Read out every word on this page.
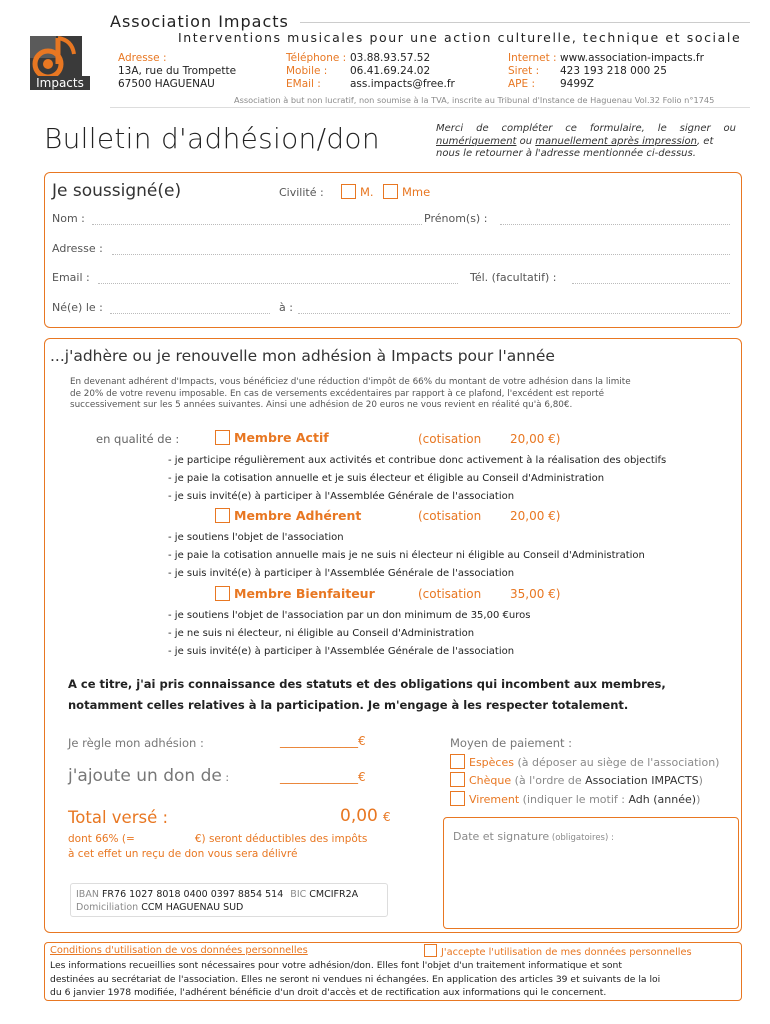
Impacts
Association Impacts
Interventions musicales pour une action culturelle, technique et sociale
Adresse :
13A, rue du Trompette
67500 HAGUENAU
Téléphone : 03.88.93.57.52
Mobile : 06.41.69.24.02
EMail :	ass.impacts@free.fr
Internet : www.association-impacts.fr
Siret : 423 193 218 000 25
APE : 9499Z
Association à but non lucratif, non soumise à la TVA, inscrite au Tribunal d'Instance de Haguenau Vol.32 Folio n°1745
Bulletin d'adhésion/don	Merci de compléter ce formulaire, le signer ou
numériquement ou manuellement après impression, et
nous le retourner à l'adresse mentionnée ci-dessus.
Je soussigné(e)	Civilité :	M.	Mme
Nom :	Prénom(s) :
Adresse :
Email :	Tél. (facultatif) :
Né(e) le :	à :
...j'adhère ou je renouvelle mon adhésion à Impacts pour l'année
En devenant adhérent d'Impacts, vous bénéficiez d'une réduction d'impôt de 66% du montant de votre adhésion dans la limite
de 20% de votre revenu imposable. En cas de versements excédentaires par rapport à ce plafond, l'excédent est reporté
successivement sur les 5 années suivantes. Ainsi une adhésion de 20 euros ne vous revient en réalité qu'à 6,80€.
en qualité de :	Membre Actif	(cotisation 20,00 €)
- je participe régulièrement aux activités et contribue donc activement à la réalisation des objectifs
- je paie la cotisation annuelle et je suis électeur et éligible au Conseil d'Administration
- je suis invité(e) à participer à l'Assemblée Générale de l'association
Membre Adhérent	(cotisation 20,00 €)
- je soutiens l'objet de l'association
- je paie la cotisation annuelle mais je ne suis ni électeur ni éligible au Conseil d'Administration
- je suis invité(e) à participer à l'Assemblée Générale de l'association
Membre Bienfaiteur	(cotisation 35,00 €)
- je soutiens l'objet de l'association par un don minimum de 35,00 €uros
- je ne suis ni électeur, ni éligible au Conseil d'Administration
- je suis invité(e) à participer à l'Assemblée Générale de l'association
A ce titre, j'ai pris connaissance des statuts et des obligations qui incombent aux membres,
notamment celles relatives à la participation. Je m'engage à les respecter totalement.
Je règle mon adhésion :	_____________€
j'ajoute un don de :	_____________€
Total versé :	0,00 €
dont 66% (=                  €) seront déductibles des impôts
à cet effet un reçu de don vous sera délivré
Moyen de paiement :
Espèces (à déposer au siège de l'association)
Chèque (à l'ordre de Association IMPACTS)
Virement (indiquer le motif : Adh (année))
Date et signature (obligatoires) :
IBAN FR76 1027 8018 0400 0397 8854 514 BIC CMCIFR2A
Domiciliation CCM HAGUENAU SUD
Conditions d'utilisation de vos données personnelles	J'accepte l'utilisation de mes données personnelles
Les informations recueillies sont nécessaires pour votre adhésion/don. Elles font l'objet d'un traitement informatique et sont
destinées au secrétariat de l'association. Elles ne seront ni vendues ni échangées. En application des articles 39 et suivants de la loi
du 6 janvier 1978 modifiée, l'adhérent bénéficie d'un droit d'accès et de rectification aux informations qui le concernent.
